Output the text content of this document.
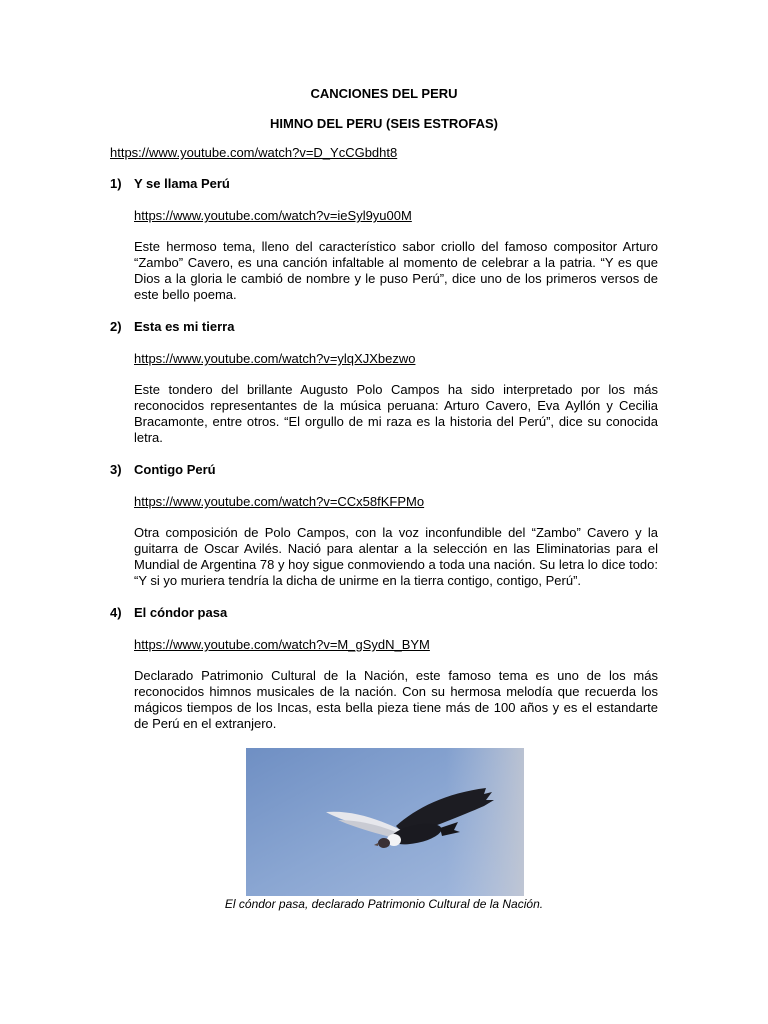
CANCIONES DEL PERU

HIMNO DEL PERU (SEIS ESTROFAS)

https://www.youtube.com/watch?v=D_YcCGbdht8
1) Y se llama Perú
https://www.youtube.com/watch?v=ieSyl9yu00M

Este hermoso tema, lleno del característico sabor criollo del famoso compositor Arturo “Zambo” Cavero, es una canción infaltable al momento de celebrar a la patria. “Y es que Dios a la gloria le cambió de nombre y le puso Perú”, dice uno de los primeros versos de este bello poema.

2) Esta es mi tierra
https://www.youtube.com/watch?v=ylqXJXbezwo

Este tondero del brillante Augusto Polo Campos ha sido interpretado por los más reconocidos representantes de la música peruana: Arturo Cavero, Eva Ayllón y Cecilia Bracamonte, entre otros. “El orgullo de mi raza es la historia del Perú”, dice su conocida letra.

3) Contigo Perú
https://www.youtube.com/watch?v=CCx58fKFPMo

Otra composición de Polo Campos, con la voz inconfundible del “Zambo” Cavero y la guitarra de Oscar Avilés. Nació para alentar a la selección en las Eliminatorias para el Mundial de Argentina 78 y hoy sigue conmoviendo a toda una nación. Su letra lo dice todo: “Y si yo muriera tendría la dicha de unirme en la tierra contigo, contigo, Perú”.

4) El cóndor pasa
https://www.youtube.com/watch?v=M_gSydN_BYM

Declarado Patrimonio Cultural de la Nación, este famoso tema es uno de los más reconocidos himnos musicales de la nación. Con su hermosa melodía que recuerda los mágicos tiempos de los Incas, esta bella pieza tiene más de 100 años y es el estandarte de Perú en el extranjero.

El cóndor pasa, declarado Patrimonio Cultural de la Nación.
